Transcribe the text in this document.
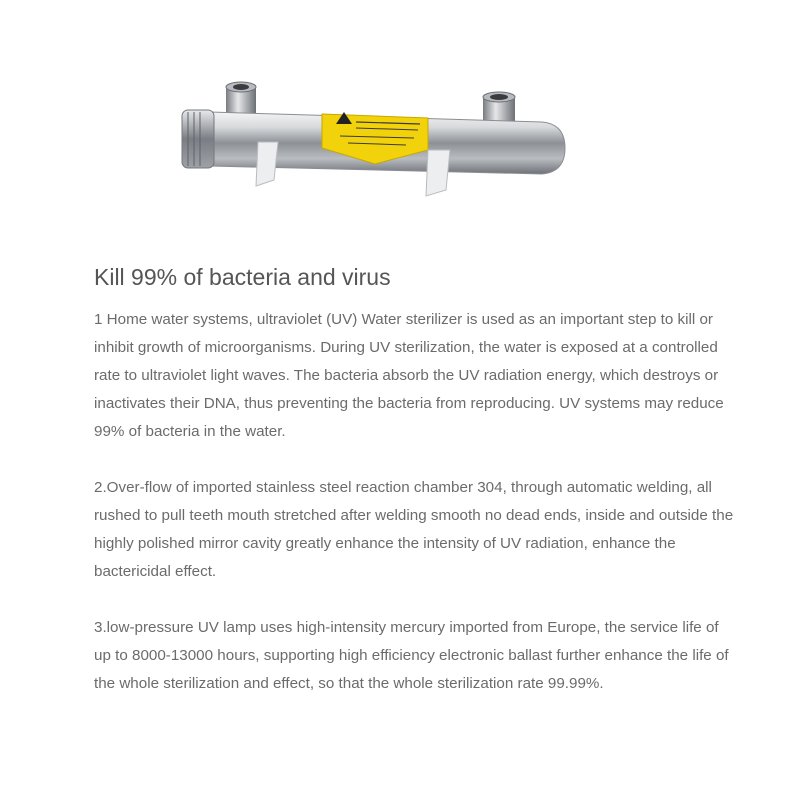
Kill 99% of bacteria and virus

1 Home water systems, ultraviolet (UV) Water sterilizer is used as an important step to kill or inhibit growth of microorganisms. During UV sterilization, the water is exposed at a controlled rate to ultraviolet light waves. The bacteria absorb the UV radiation energy, which destroys or inactivates their DNA, thus preventing the bacteria from reproducing. UV systems may reduce 99% of bacteria in the water.

2.Over-flow of imported stainless steel reaction chamber 304, through automatic welding, all rushed to pull teeth mouth stretched after welding smooth no dead ends, inside and outside the highly polished mirror cavity greatly enhance the intensity of UV radiation, enhance the bactericidal effect.

3.low-pressure UV lamp uses high-intensity mercury imported from Europe, the service life of up to 8000-13000 hours, supporting high efficiency electronic ballast further enhance the life of the whole sterilization and effect, so that the whole sterilization rate 99.99%.
